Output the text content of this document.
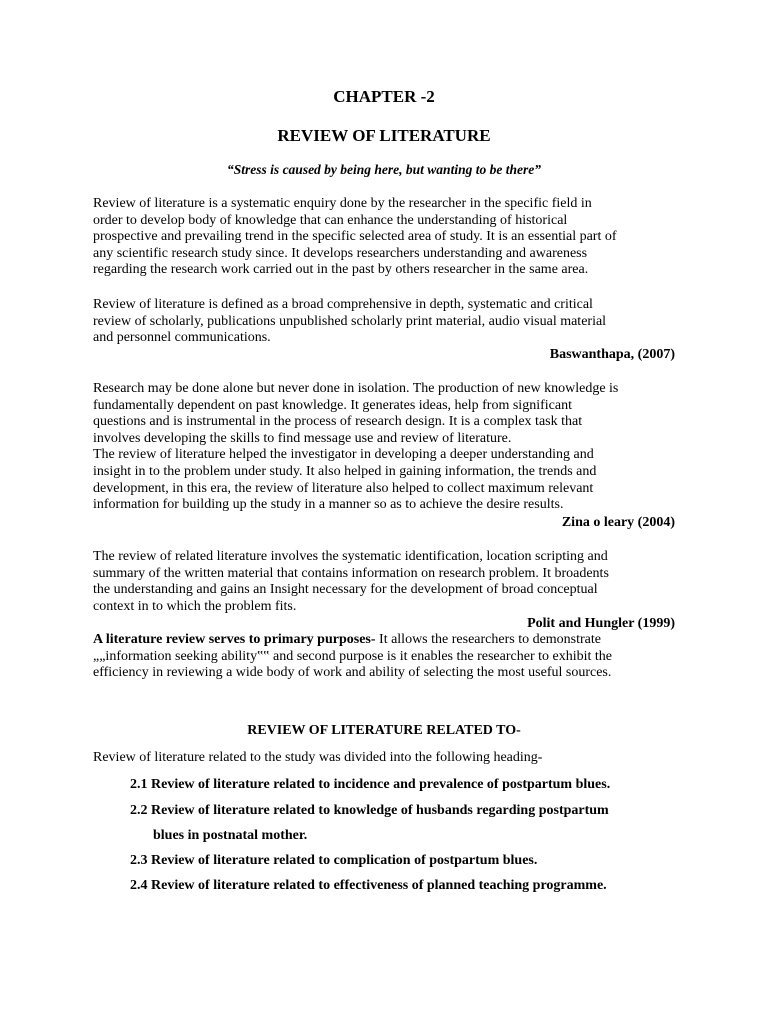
CHAPTER -2
REVIEW OF LITERATURE
“Stress is caused by being here, but wanting to be there”

Review of literature is a systematic enquiry done by the researcher in the specific field in

order to develop body of knowledge that can enhance the understanding of historical

prospective and prevailing trend in the specific selected area of study. It is an essential part of

any scientific research study since. It develops researchers understanding and awareness

regarding the research work carried out in the past by others researcher in the same area.

Review of literature is defined as a broad comprehensive in depth, systematic and critical

review of scholarly, publications unpublished scholarly print material, audio visual material

and personnel communications.

Baswanthapa, (2007)

Research may be done alone but never done in isolation. The production of new knowledge is

fundamentally dependent on past knowledge. It generates ideas, help from significant

questions and is instrumental in the process of research design. It is a complex task that

involves developing the skills to find message use and review of literature.

The review of literature helped the investigator in developing a deeper understanding and

insight in to the problem under study. It also helped in gaining information, the trends and

development, in this era, the review of literature also helped to collect maximum relevant

information for building up the study in a manner so as to achieve the desire results.

Zina o leary (2004)

The review of related literature involves the systematic identification, location scripting and

summary of the written material that contains information on research problem. It broadents

the understanding and gains an Insight necessary for the development of broad conceptual

context in to which the problem fits.

Polit and Hungler (1999)

A literature review serves to primary purposes- It allows the researchers to demonstrate

„„information seeking ability‟‟ and second purpose is it enables the researcher to exhibit the

efficiency in reviewing a wide body of work and ability of selecting the most useful sources.

REVIEW OF LITERATURE RELATED TO-
Review of literature related to the study was divided into the following heading-
2.1 Review of literature related to incidence and prevalence of postpartum blues.
2.2 Review of literature related to knowledge of husbands regarding postpartum
blues in postnatal mother.
2.3 Review of literature related to complication of postpartum blues.
2.4 Review of literature related to effectiveness of planned teaching programme.
